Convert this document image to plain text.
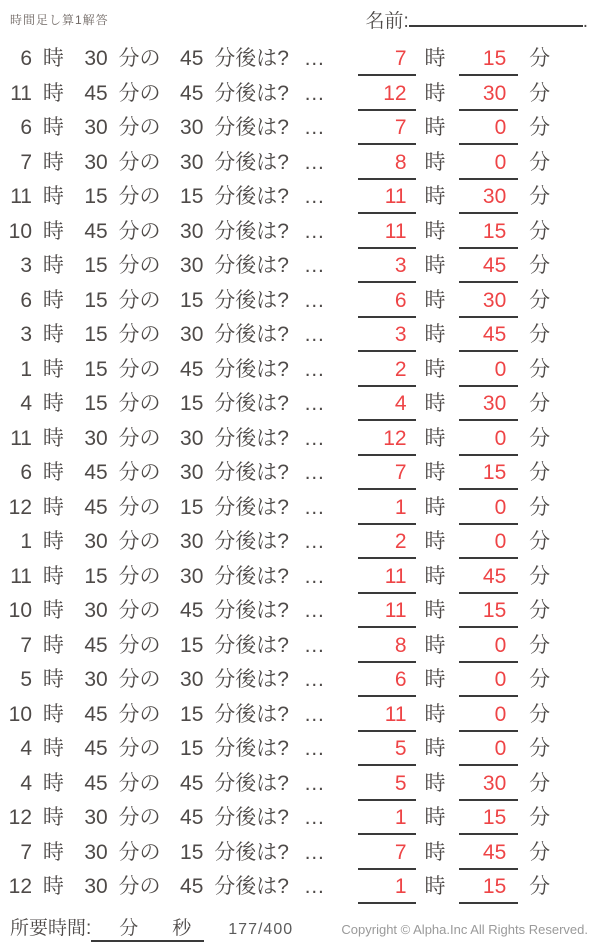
時間足し算1解答	名前:	.
6 時 30 分の 45 分後は? …	7 時 15 分
11 時 45 分の 45 分後は? …	12 時 30 分
6 時 30 分の 30 分後は? …	7 時 0 分
7 時 30 分の 30 分後は? …	8 時 0 分
11 時 15 分の 15 分後は? …	11 時 30 分
10 時 45 分の 30 分後は? …	11 時 15 分
3 時 15 分の 30 分後は? …	3 時 45 分
6 時 15 分の 15 分後は? …	6 時 30 分
3 時 15 分の 30 分後は? …	3 時 45 分
1 時 15 分の 45 分後は? …	2 時 0 分
4 時 15 分の 15 分後は? …	4 時 30 分
11 時 30 分の 30 分後は? …	12 時 0 分
6 時 45 分の 30 分後は? …	7 時 15 分
12 時 45 分の 15 分後は? …	1 時 0 分
1 時 30 分の 30 分後は? …	2 時 0 分
11 時 15 分の 30 分後は? …	11 時 45 分
10 時 30 分の 45 分後は? …	11 時 15 分
7 時 45 分の 15 分後は? …	8 時 0 分
5 時 30 分の 30 分後は? …	6 時 0 分
10 時 45 分の 15 分後は? …	11 時 0 分
4 時 45 分の 15 分後は? …	5 時 0 分
4 時 45 分の 45 分後は? …	5 時 30 分
12 時 30 分の 45 分後は? …	1 時 15 分
7 時 30 分の 15 分後は? …	7 時 45 分
12 時 30 分の 45 分後は? …	1 時 15 分
所要時間: 分 秒	177/400	Copyright © Alpha.Inc All Rights Reserved.
